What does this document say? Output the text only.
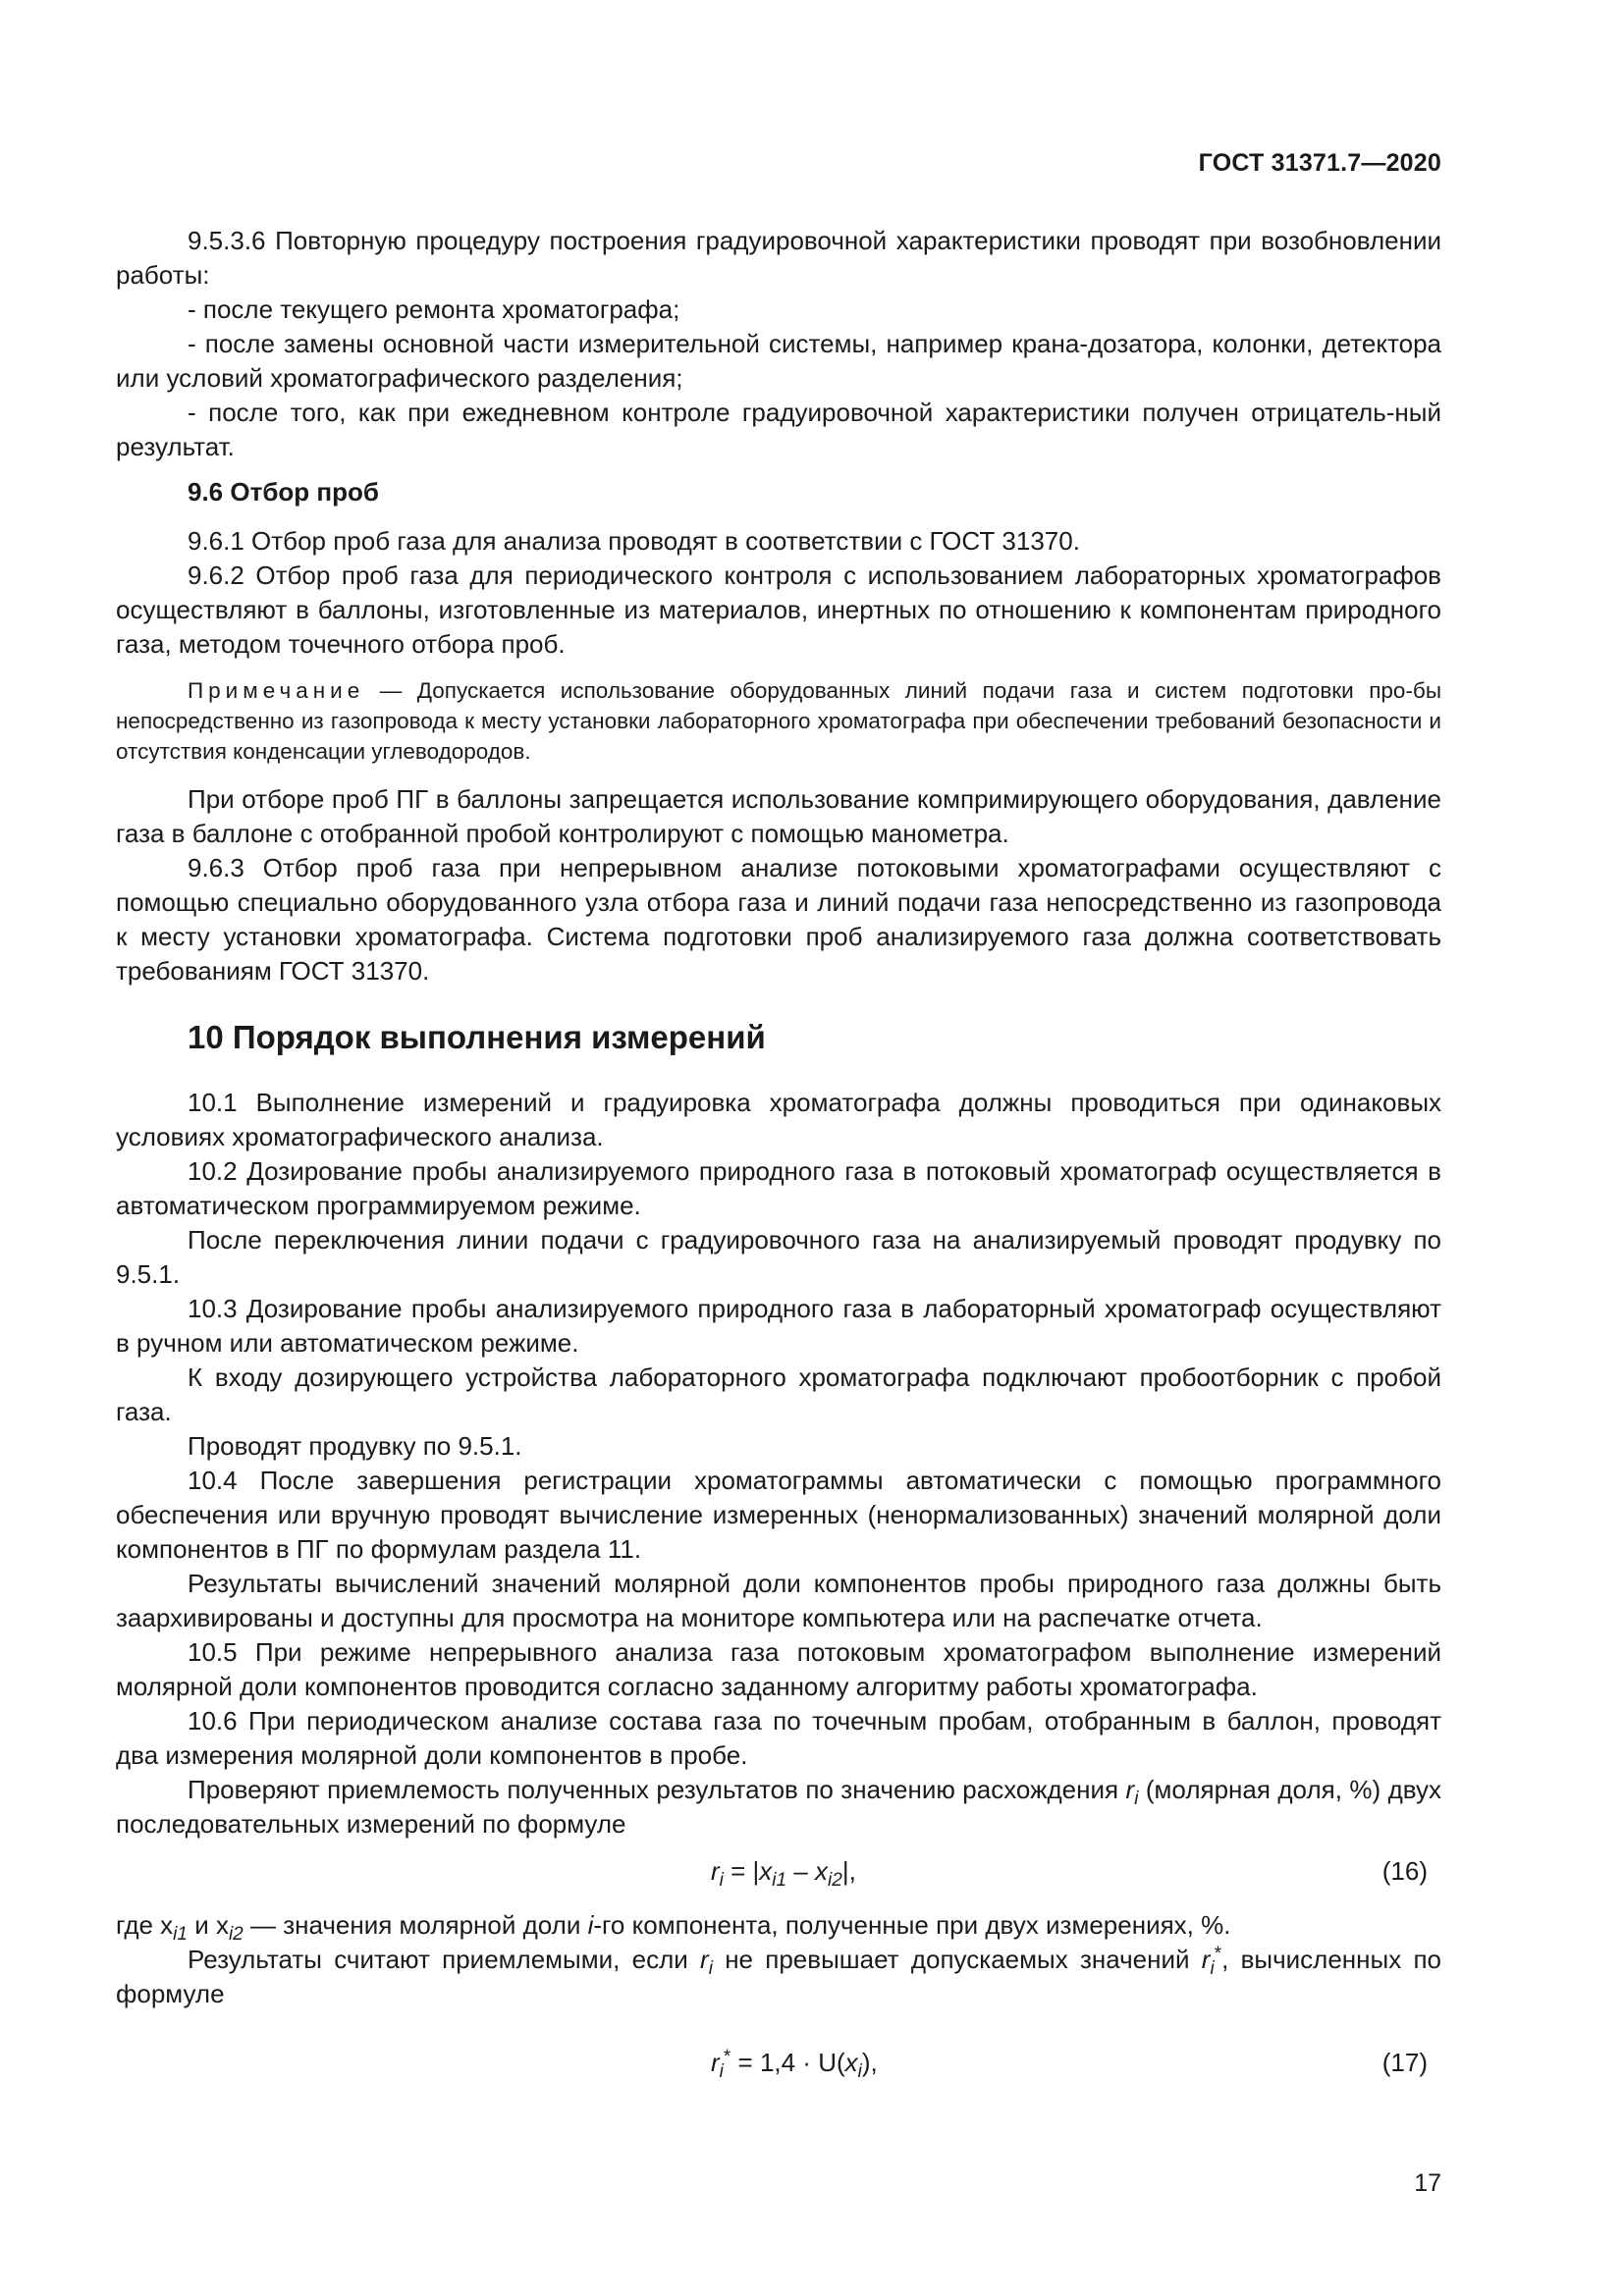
ГОСТ 31371.7—2020

9.5.3.6 Повторную процедуру построения градуировочной характеристики проводят при возобновлении работы:

- после текущего ремонта хроматографа;

- после замены основной части измерительной системы, например крана-дозатора, колонки, детектора или условий хроматографического разделения;

- после того, как при ежедневном контроле градуировочной характеристики получен отрицатель-ный результат.

9.6 Отбор проб

9.6.1 Отбор проб газа для анализа проводят в соответствии с ГОСТ 31370.

9.6.2 Отбор проб газа для периодического контроля с использованием лабораторных хроматографов осуществляют в баллоны, изготовленные из материалов, инертных по отношению к компонентам природного газа, методом точечного отбора проб.

Примечание — Допускается использование оборудованных линий подачи газа и систем подготовки про-бы непосредственно из газопровода к месту установки лабораторного хроматографа при обеспечении требований безопасности и отсутствия конденсации углеводородов.

При отборе проб ПГ в баллоны запрещается использование компримирующего оборудования, давление газа в баллоне с отобранной пробой контролируют с помощью манометра.

9.6.3 Отбор проб газа при непрерывном анализе потоковыми хроматографами осуществляют с помощью специально оборудованного узла отбора газа и линий подачи газа непосредственно из газопровода к месту установки хроматографа. Система подготовки проб анализируемого газа должна соответствовать требованиям ГОСТ 31370.

10 Порядок выполнения измерений

10.1 Выполнение измерений и градуировка хроматографа должны проводиться при одинаковых условиях хроматографического анализа.

10.2 Дозирование пробы анализируемого природного газа в потоковый хроматограф осуществляется в автоматическом программируемом режиме.

После переключения линии подачи с градуировочного газа на анализируемый проводят продувку по 9.5.1.

10.3 Дозирование пробы анализируемого природного газа в лабораторный хроматограф осуществляют в ручном или автоматическом режиме.

К входу дозирующего устройства лабораторного хроматографа подключают пробоотборник с пробой газа.

Проводят продувку по 9.5.1.

10.4 После завершения регистрации хроматограммы автоматически с помощью программного обеспечения или вручную проводят вычисление измеренных (ненормализованных) значений молярной доли компонентов в ПГ по формулам раздела 11.

Результаты вычислений значений молярной доли компонентов пробы природного газа должны быть заархивированы и доступны для просмотра на мониторе компьютера или на распечатке отчета.

10.5 При режиме непрерывного анализа газа потоковым хроматографом выполнение измерений молярной доли компонентов проводится согласно заданному алгоритму работы хроматографа.

10.6 При периодическом анализе состава газа по точечным пробам, отобранным в баллон, проводят два измерения молярной доли компонентов в пробе.

Проверяют приемлемость полученных результатов по значению расхождения $r_i$ (молярная доля, %) двух последовательных измерений по формуле

$r_i = |x_{i1} - x_{i2}|$,	(16)

где $x_{i1}$ и $x_{i2}$ — значения молярной доли i-го компонента, полученные при двух измерениях, %.

Результаты считают приемлемыми, если $r_i$ не превышает допускаемых значений $r_i^*$, вычисленных по формуле

$r_i^* = 1,4 \cdot U(x_i)$,	(17)
17
